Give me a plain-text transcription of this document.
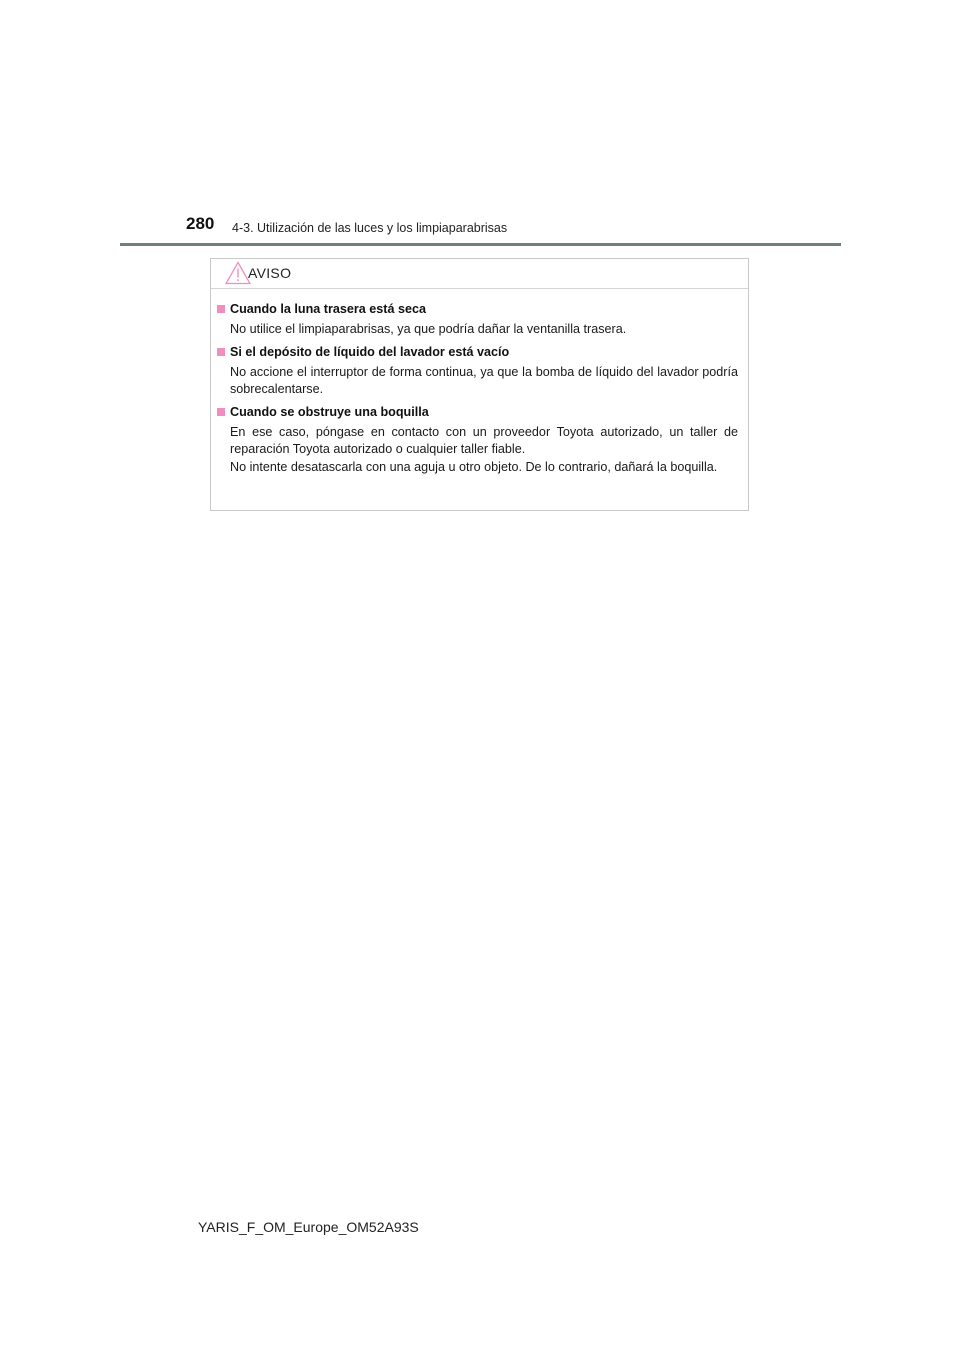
280 4-3. Utilización de las luces y los limpiaparabrisas
AVISO
Cuando la luna trasera está seca

No utilice el limpiaparabrisas, ya que podría dañar la ventanilla trasera.

Si el depósito de líquido del lavador está vacío

No accione el interruptor de forma continua, ya que la bomba de líquido del lavador podría sobrecalentarse.

Cuando se obstruye una boquilla

En ese caso, póngase en contacto con un proveedor Toyota autorizado, un taller de reparación Toyota autorizado o cualquier taller fiable.

No intente desatascarla con una aguja u otro objeto. De lo contrario, dañará la boquilla.

YARIS_F_OM_Europe_OM52A93S
